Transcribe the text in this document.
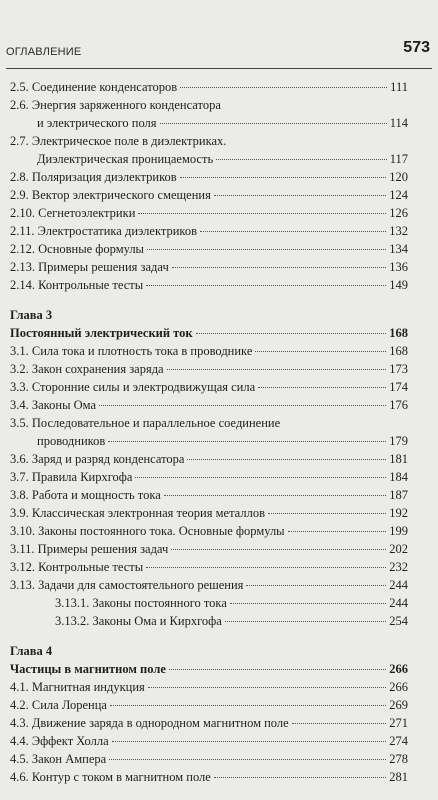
ОГЛАВЛЕНИЕ	573
2.5. Соединение конденсаторов	111
2.6. Энергия заряженного конденсатора
и электрического поля	114
2.7. Электрическое поле в диэлектриках.
Диэлектрическая проницаемость	117
2.8. Поляризация диэлектриков	120
2.9. Вектор электрического смещения	124
2.10. Сегнетоэлектрики	126
2.11. Электростатика диэлектриков	132
2.12. Основные формулы	134
2.13. Примеры решения задач	136
2.14. Контрольные тесты	149
Глава 3
Постоянный электрический ток	168
3.1. Сила тока и плотность тока в проводнике	168
3.2. Закон сохранения заряда	173
3.3. Сторонние силы и электродвижущая сила	174
3.4. Законы Ома	176
3.5. Последовательное и параллельное соединение
проводников	179
3.6. Заряд и разряд конденсатора	181
3.7. Правила Кирхгофа	184
3.8. Работа и мощность тока	187
3.9. Классическая электронная теория металлов	192
3.10. Законы постоянного тока. Основные формулы	199
3.11. Примеры решения задач	202
3.12. Контрольные тесты	232
3.13. Задачи для самостоятельного решения	244
3.13.1. Законы постоянного тока	244
3.13.2. Законы Ома и Кирхгофа	254
Глава 4
Частицы в магнитном поле	266
4.1. Магнитная индукция	266
4.2. Сила Лоренца	269
4.3. Движение заряда в однородном магнитном поле	271
4.4. Эффект Холла	274
4.5. Закон Ампера	278
4.6. Контур с током в магнитном поле	281
